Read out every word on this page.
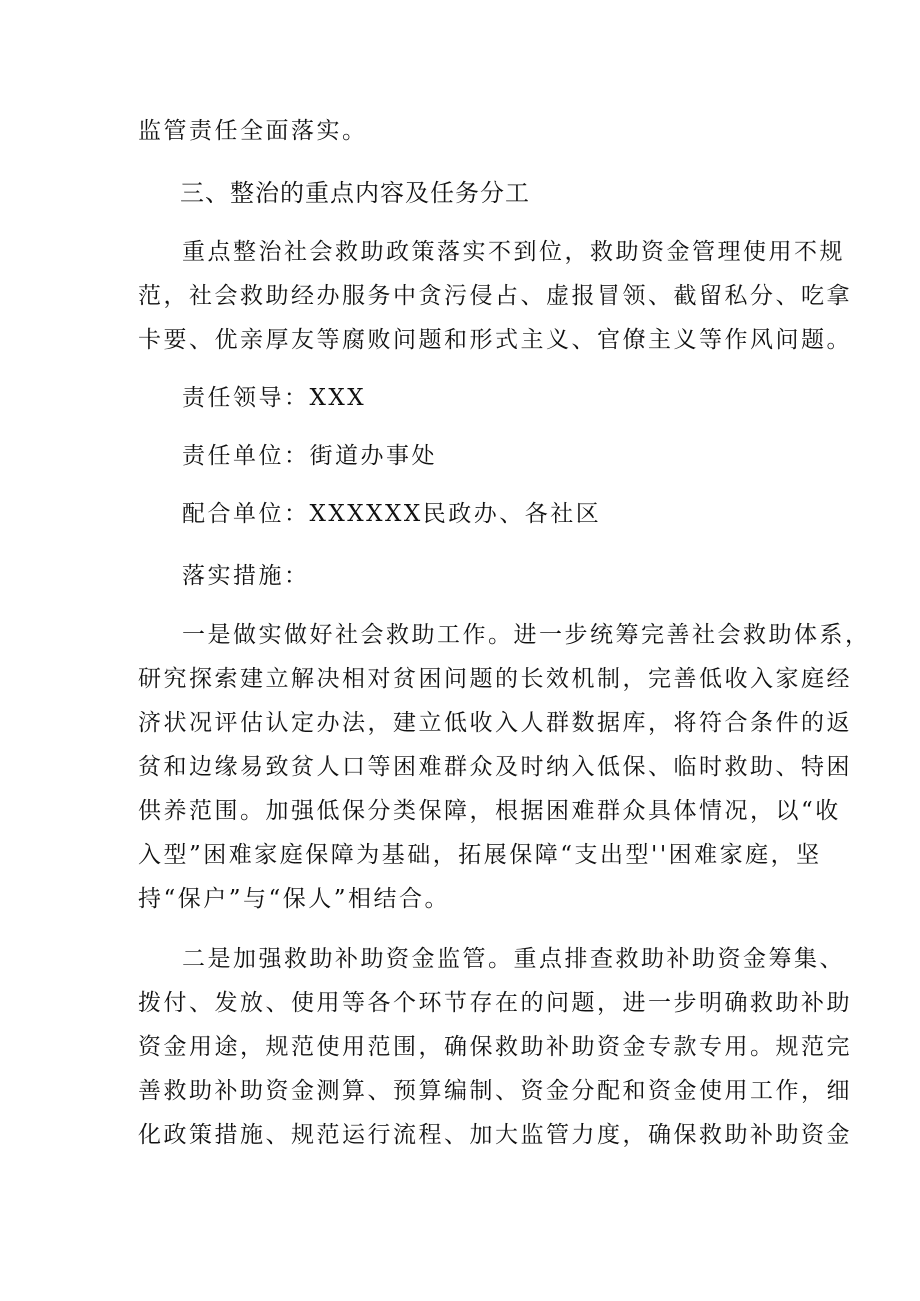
监管责任全面落实。
三、整治的重点内容及任务分工
重点整治社会救助政策落实不到位，救助资金管理使用不规
范，社会救助经办服务中贪污侵占、虚报冒领、截留私分、吃拿
卡要、优亲厚友等腐败问题和形式主义、官僚主义等作风问题。
责任领导：XXX
责任单位：街道办事处
配合单位：XXXXXX民政办、各社区
落实措施：
一是做实做好社会救助工作。进一步统筹完善社会救助体系，
研究探索建立解决相对贫困问题的长效机制，完善低收入家庭经
济状况评估认定办法，建立低收入人群数据库，将符合条件的返
贫和边缘易致贫人口等困难群众及时纳入低保、临时救助、特困
供养范围。加强低保分类保障，根据困难群众具体情况，以“收
入型”困难家庭保障为基础，拓展保障“支出型''困难家庭，坚
持“保户”与“保人”相结合。
二是加强救助补助资金监管。重点排查救助补助资金筹集、
拨付、发放、使用等各个环节存在的问题，进一步明确救助补助
资金用途，规范使用范围，确保救助补助资金专款专用。规范完
善救助补助资金测算、预算编制、资金分配和资金使用工作，细
化政策措施、规范运行流程、加大监管力度，确保救助补助资金
